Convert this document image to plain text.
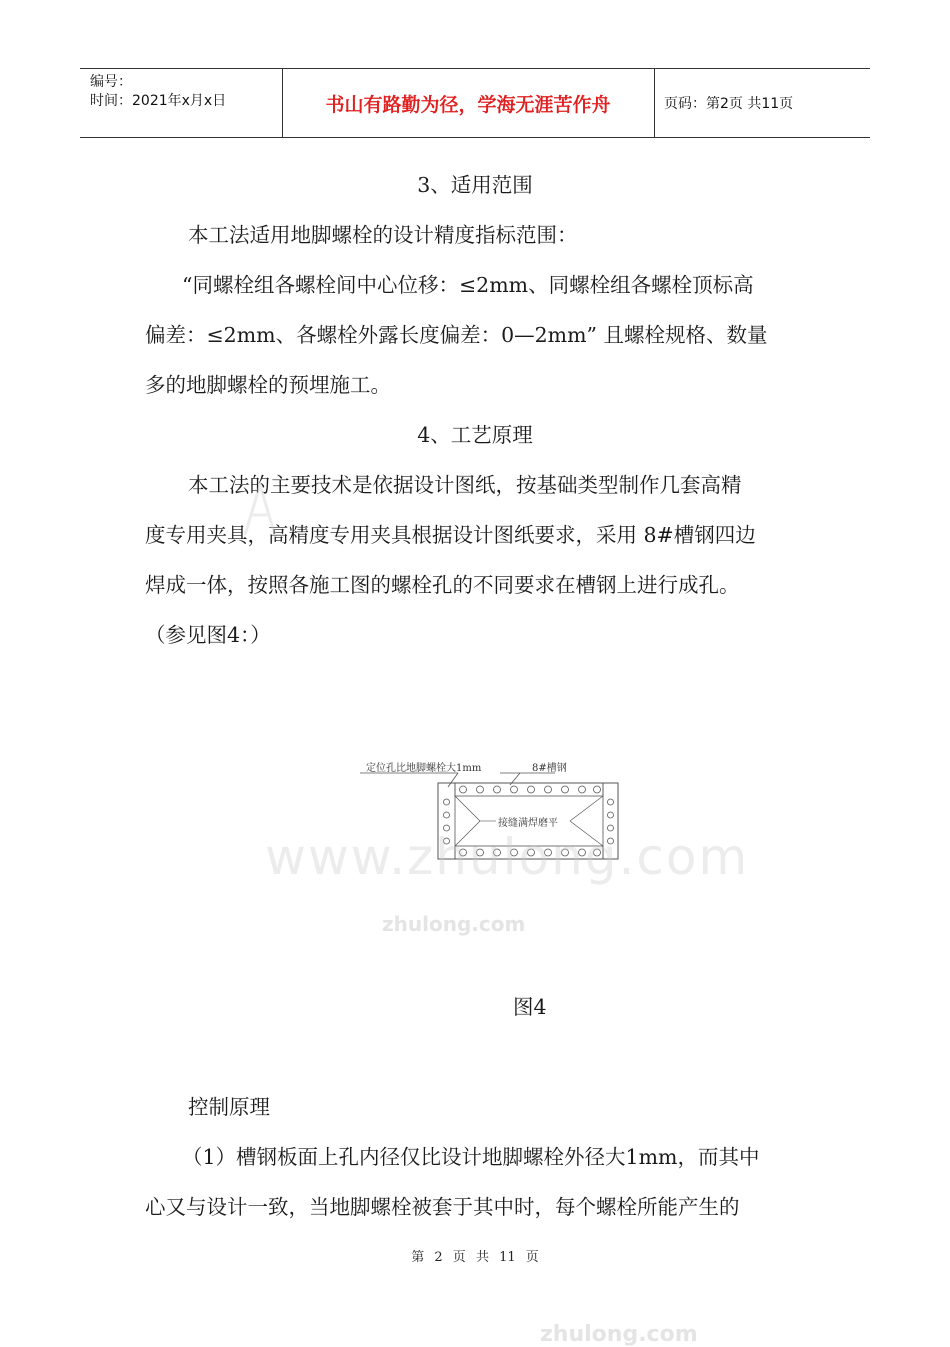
编号：
时间：2021年x月x日	书山有路勤为径，学海无涯苦作舟	页码：第2页 共11页
3、适用范围
本工法适用地脚螺栓的设计精度指标范围：
“同螺栓组各螺栓间中心位移：≤2mm、同螺栓组各螺栓顶标高
偏差：≤2mm、各螺栓外露长度偏差：0—2mm” 且螺栓规格、数量
多的地脚螺栓的预埋施工。
4、工艺原理
本工法的主要技术是依据设计图纸，按基础类型制作几套高精
度专用夹具，高精度专用夹具根据设计图纸要求，采用 8#槽钢四边
焊成一体，按照各施工图的螺栓孔的不同要求在槽钢上进行成孔。
（参见图4：）
定位孔比地脚螺栓大1mm	8#槽钢
接缝满焊磨平
www.zhulong.com
zhulong.com
图4
控制原理
（1）槽钢板面上孔内径仅比设计地脚螺栓外径大1mm，而其中
心又与设计一致，当地脚螺栓被套于其中时，每个螺栓所能产生的
第 2 页 共 11 页
zhulong.com
